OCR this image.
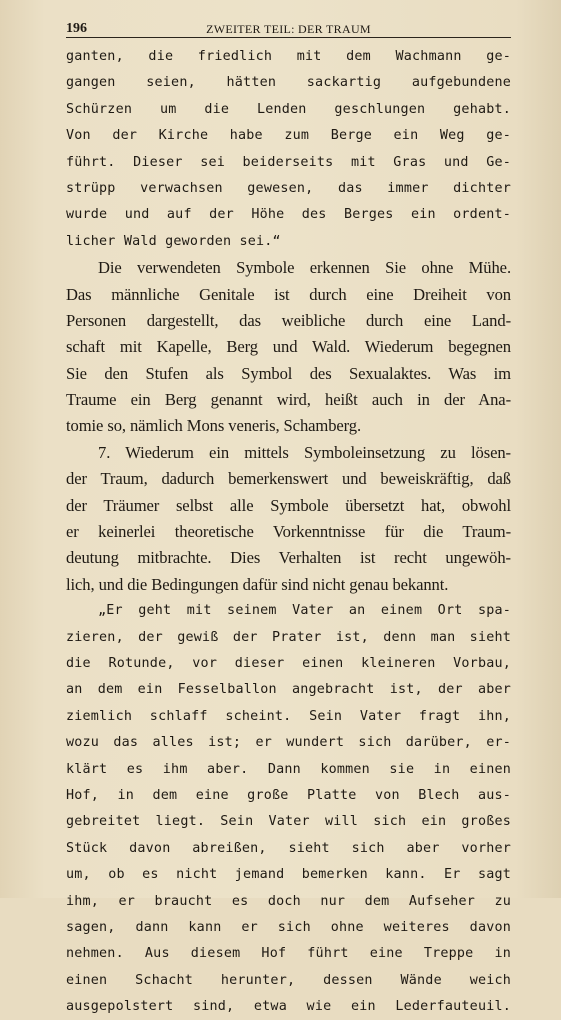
196	ZWEITER TEIL: DER TRAUM
ganten, die friedlich mit dem Wachmann ge-
gangen seien, hätten sackartig aufgebundene
Schürzen um die Lenden geschlungen gehabt.
Von der Kirche habe zum Berge ein Weg ge-
führt. Dieser sei beiderseits mit Gras und Ge-
strüpp verwachsen gewesen, das immer dichter
wurde und auf der Höhe des Berges ein ordent-
licher Wald geworden sei.“
Die verwendeten Symbole erkennen Sie ohne Mühe.
Das männliche Genitale ist durch eine Dreiheit von
Personen dargestellt, das weibliche durch eine Land-
schaft mit Kapelle, Berg und Wald. Wiederum begegnen
Sie den Stufen als Symbol des Sexualaktes. Was im
Traume ein Berg genannt wird, heißt auch in der Ana-
tomie so, nämlich Mons veneris, Schamberg.
7. Wiederum ein mittels Symboleinsetzung zu lösen-
der Traum, dadurch bemerkenswert und beweiskräftig, daß
der Träumer selbst alle Symbole übersetzt hat, obwohl
er keinerlei theoretische Vorkenntnisse für die Traum-
deutung mitbrachte. Dies Verhalten ist recht ungewöh-
lich, und die Bedingungen dafür sind nicht genau bekannt.
„Er geht mit seinem Vater an einem Ort spa-
zieren, der gewiß der Prater ist, denn man sieht
die Rotunde, vor dieser einen kleineren Vorbau,
an dem ein Fesselballon angebracht ist, der aber
ziemlich schlaff scheint. Sein Vater fragt ihn,
wozu das alles ist; er wundert sich darüber, er-
klärt es ihm aber. Dann kommen sie in einen
Hof, in dem eine große Platte von Blech aus-
gebreitet liegt. Sein Vater will sich ein großes
Stück davon abreißen, sieht sich aber vorher
um, ob es nicht jemand bemerken kann. Er sagt
ihm, er braucht es doch nur dem Aufseher zu
sagen, dann kann er sich ohne weiteres davon
nehmen. Aus diesem Hof führt eine Treppe in
einen Schacht herunter, dessen Wände weich
ausgepolstert sind, etwa wie ein Lederfauteuil.
